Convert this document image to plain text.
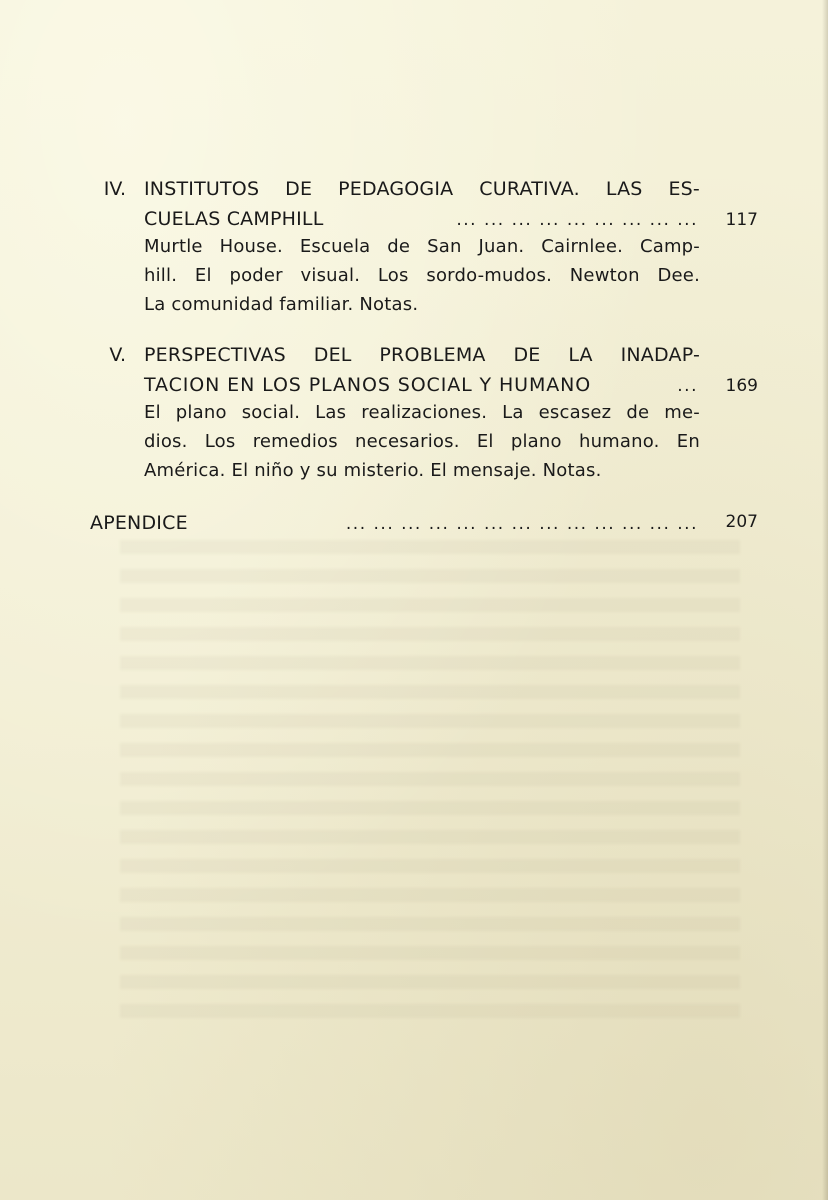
IV. INSTITUTOS DE PEDAGOGIA CURATIVA. LAS ES-
CUELAS CAMPHILL	... ... ... ... ... ... ... ... ...	117
Murtle House. Escuela de San Juan. Cairnlee. Camp-
hill. El poder visual. Los sordo-mudos. Newton Dee.
La comunidad familiar. Notas.
V. PERSPECTIVAS DEL PROBLEMA DE LA INADAP-
TACION EN LOS PLANOS SOCIAL Y HUMANO	...	169
El plano social. Las realizaciones. La escasez de me-
dios. Los remedios necesarios. El plano humano. En
América. El niño y su misterio. El mensaje. Notas.
APENDICE	... ... ... ... ... ... ... ... ... ... ... ... ...	207
